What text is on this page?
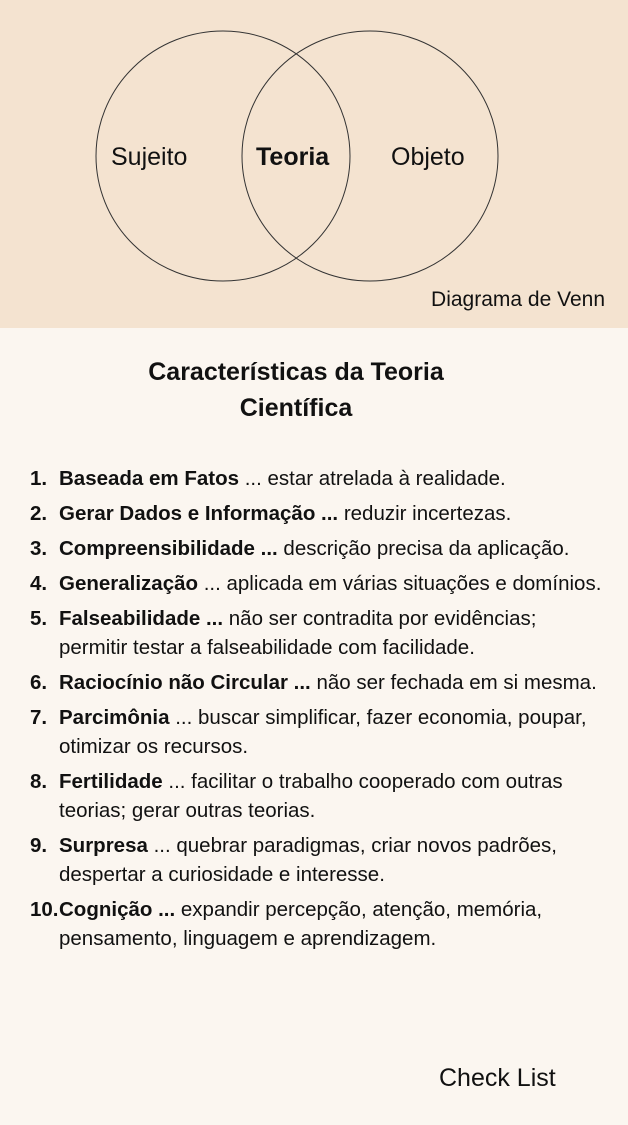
Sujeito	Teoria Objeto
Diagrama de Venn
Características da Teoria
Científica
1. Baseada em Fatos ... estar atrelada à realidade.
2. Gerar Dados e Informação ... reduzir incertezas.
3. Compreensibilidade ... descrição precisa da aplicação.
4. Generalização ... aplicada em várias situações e domínios.
5. Falseabilidade ... não ser contradita por evidências; permitir testar a falseabilidade com facilidade.
6. Raciocínio não Circular ... não ser fechada em si mesma.
7. Parcimônia ... buscar simplificar, fazer economia, poupar, otimizar os recursos.
8. Fertilidade ... facilitar o trabalho cooperado com outras teorias; gerar outras teorias.
9. Surpresa ... quebrar paradigmas, criar novos padrões, despertar a curiosidade e interesse.
10. Cognição ... expandir percepção, atenção, memória, pensamento, linguagem e aprendizagem.
Check List
